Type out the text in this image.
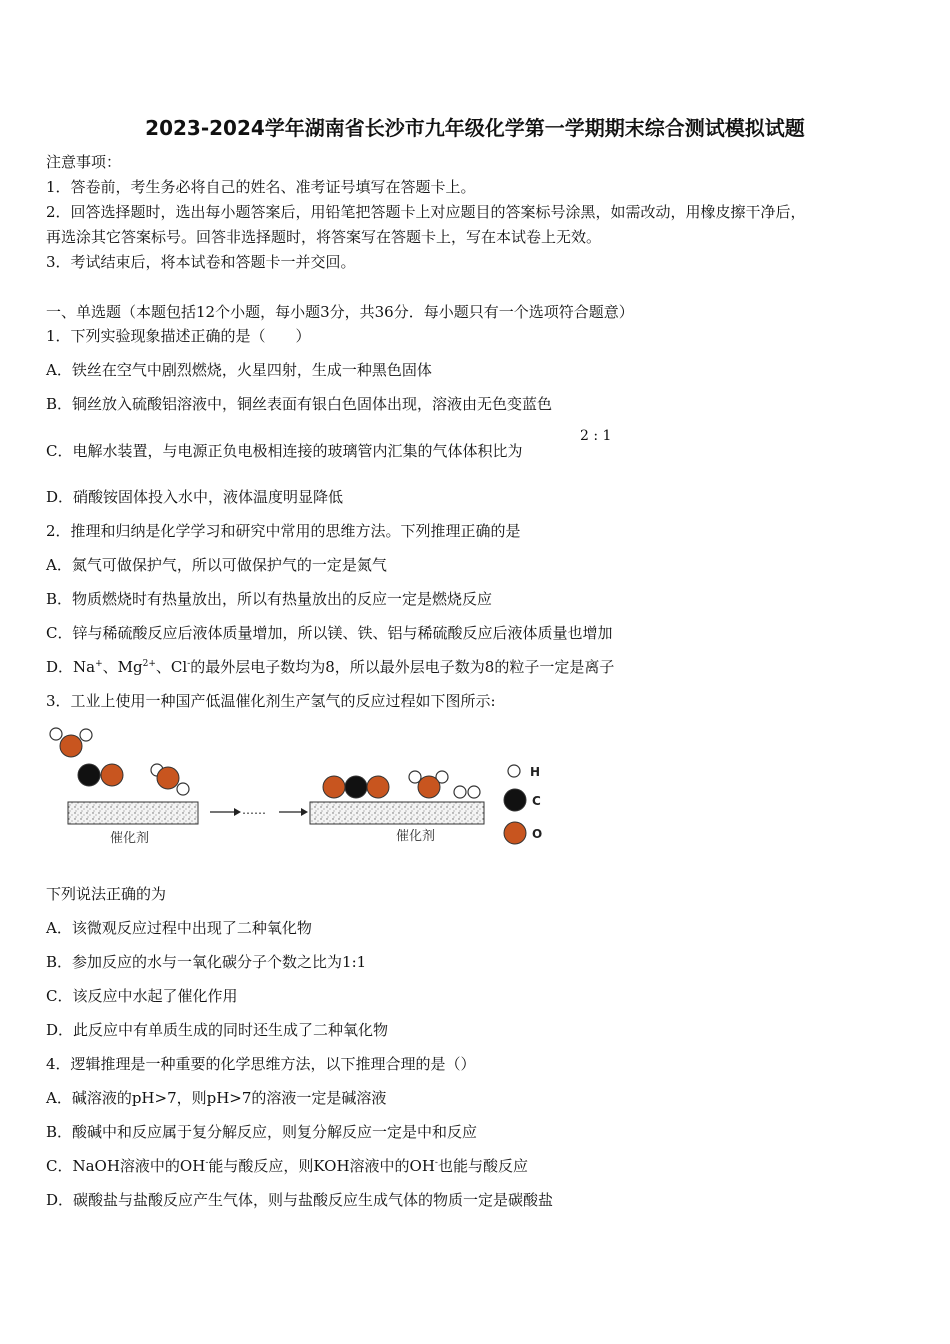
2023-2024学年湖南省长沙市九年级化学第一学期期末综合测试模拟试题
注意事项：
1．答卷前，考生务必将自己的姓名、准考证号填写在答题卡上。
2．回答选择题时，选出每小题答案后，用铅笔把答题卡上对应题目的答案标号涂黑，如需改动，用橡皮擦干净后，
再选涂其它答案标号。回答非选择题时，将答案写在答题卡上，写在本试卷上无效。
3．考试结束后，将本试卷和答题卡一并交回。
一、单选题（本题包括12个小题，每小题3分，共36分．每小题只有一个选项符合题意）
1．下列实验现象描述正确的是（　　）
A．铁丝在空气中剧烈燃烧，火星四射，生成一种黑色固体
B．铜丝放入硫酸铝溶液中，铜丝表面有银白色固体出现，溶液由无色变蓝色
C．电解水装置，与电源正负电极相连接的玻璃管内汇集的气体体积比为
2 : 1
D．硝酸铵固体投入水中，液体温度明显降低
2．推理和归纳是化学学习和研究中常用的思维方法。下列推理正确的是
A．氮气可做保护气，所以可做保护气的一定是氮气
B．物质燃烧时有热量放出，所以有热量放出的反应一定是燃烧反应
C．锌与稀硫酸反应后液体质量增加，所以镁、铁、铝与稀硫酸反应后液体质量也增加
D．Na+、$Mg^{2+}$、Cl-的最外层电子数均为8，所以最外层电子数为8的粒子一定是离子
3．工业上使用一种国产低温催化剂生产氢气的反应过程如下图所示:
催化剂
……
催化剂
H
C
O
下列说法正确的为
A．该微观反应过程中出现了二种氧化物
B．参加反应的水与一氧化碳分子个数之比为1:1
C．该反应中水起了催化作用
D．此反应中有单质生成的同时还生成了二种氧化物
4．逻辑推理是一种重要的化学思维方法，以下推理合理的是（）
A．碱溶液的pH>7，则pH>7的溶液一定是碱溶液
B．酸碱中和反应属于复分解反应，则复分解反应一定是中和反应
C．NaOH溶液中的OH-能与酸反应，则KOH溶液中的OH-也能与酸反应
D．碳酸盐与盐酸反应产生气体，则与盐酸反应生成气体的物质一定是碳酸盐
